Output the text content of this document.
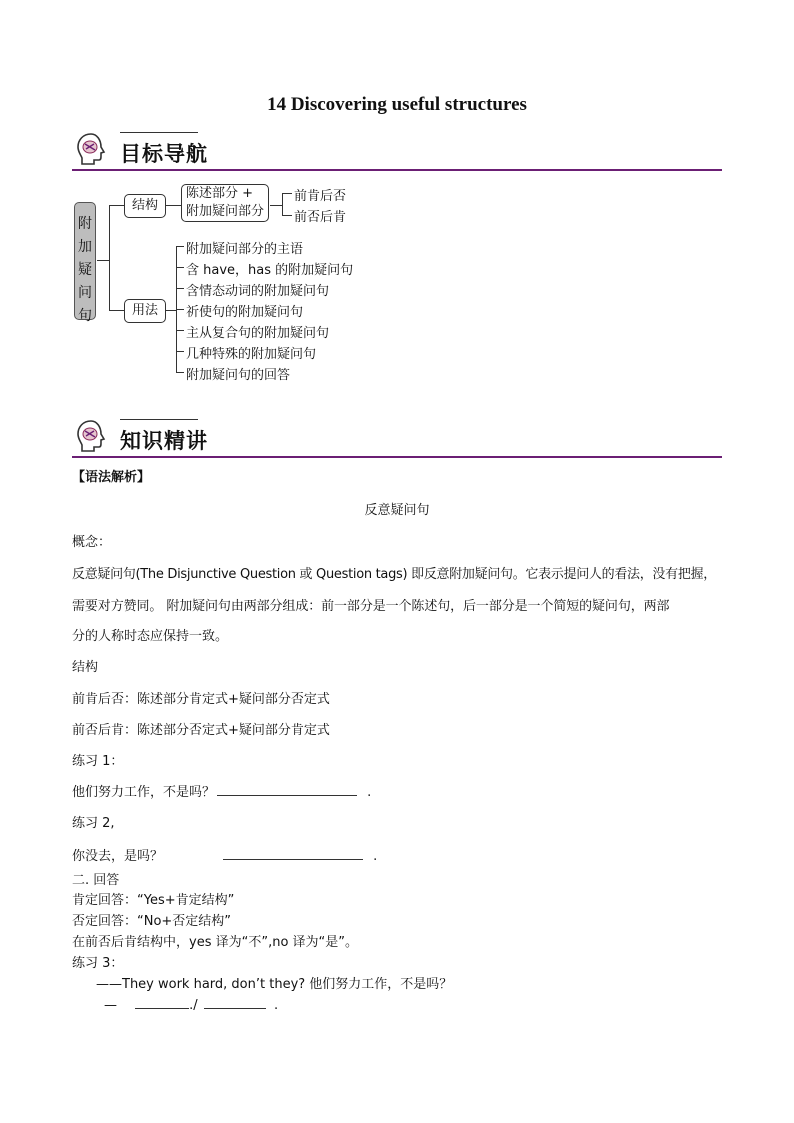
14 Discovering useful structures
目标导航
附
加
疑
问
句
结构
陈述部分 +
附加疑问部分
前肯后否
前否后肯
用法
附加疑问部分的主语
含 have，has 的附加疑问句
含情态动词的附加疑问句
祈使句的附加疑问句
主从复合句的附加疑问句
几种特殊的附加疑问句
附加疑问句的回答
知识精讲
【语法解析】
反意疑问句
概念：
反意疑问句(The Disjunctive Question 或 Question tags) 即反意附加疑问句。它表示提问人的看法，没有把握，
需要对方赞同。 附加疑问句由两部分组成：前一部分是一个陈述句，后一部分是一个简短的疑问句，两部
分的人称时态应保持一致。
结构
前肯后否：陈述部分肯定式+疑问部分否定式
前否后肯：陈述部分否定式+疑问部分肯定式
练习 1：
他们努力工作，不是吗？	.
练习 2,
你没去，是吗？	.
二. 回答
肯定回答：“Yes+肯定结构”
否定回答：“No+否定结构”
在前否后肯结构中，yes 译为“不”,no 译为“是”。
练习 3：
——They work hard, don’t they? 他们努力工作，不是吗？
—	./	.
